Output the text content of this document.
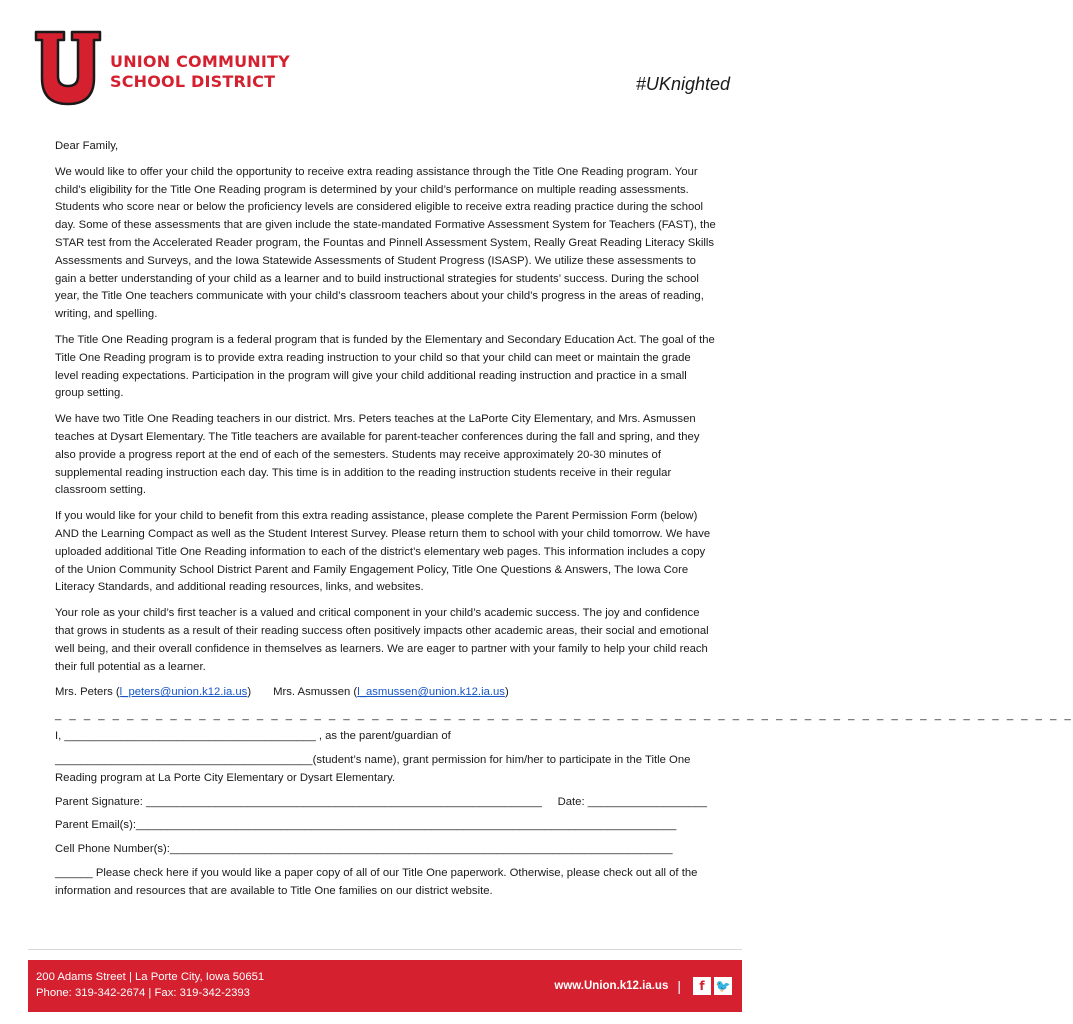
UNION COMMUNITY
SCHOOL DISTRICT	#UKnighted

Dear Family,

We would like to offer your child the opportunity to receive extra reading assistance through the Title One Reading program. Your child’s eligibility for the Title One Reading program is determined by your child’s performance on multiple reading assessments. Students who score near or below the proficiency levels are considered eligible to receive extra reading practice during the school day. Some of these assessments that are given include the state-mandated Formative Assessment System for Teachers (FAST), the STAR test from the Accelerated Reader program, the Fountas and Pinnell Assessment System, Really Great Reading Literacy Skills Assessments and Surveys, and the Iowa Statewide Assessments of Student Progress (ISASP). We utilize these assessments to gain a better understanding of your child as a learner and to build instructional strategies for students’ success. During the school year, the Title One teachers communicate with your child’s classroom teachers about your child’s progress in the areas of reading, writing, and spelling.

The Title One Reading program is a federal program that is funded by the Elementary and Secondary Education Act. The goal of the Title One Reading program is to provide extra reading instruction to your child so that your child can meet or maintain the grade level reading expectations. Participation in the program will give your child additional reading instruction and practice in a small group setting.

We have two Title One Reading teachers in our district. Mrs. Peters teaches at the LaPorte City Elementary, and Mrs. Asmussen teaches at Dysart Elementary. The Title teachers are available for parent-teacher conferences during the fall and spring, and they also provide a progress report at the end of each of the semesters. Students may receive approximately 20-30 minutes of supplemental reading instruction each day. This time is in addition to the reading instruction students receive in their regular classroom setting.

If you would like for your child to benefit from this extra reading assistance, please complete the Parent Permission Form (below) AND the Learning Compact as well as the Student Interest Survey. Please return them to school with your child tomorrow. We have uploaded additional Title One Reading information to each of the district’s elementary web pages. This information includes a copy of the Union Community School District Parent and Family Engagement Policy, Title One Questions & Answers, The Iowa Core Literacy Standards, and additional reading resources, links, and websites.

Your role as your child’s first teacher is a valued and critical component in your child’s academic success. The joy and confidence that grows in students as a result of their reading success often positively impacts other academic areas, their social and emotional well being, and their overall confidence in themselves as learners. We are eager to partner with your family to help your child reach their full potential as a learner.

Mrs. Peters (l_peters@union.k12.ia.us) Mrs. Asmussen (l_asmussen@union.k12.ia.us)
_ _ _ _ _ _ _ _ _ _ _ _ _ _ _ _ _ _ _ _ _ _ _ _ _ _ _ _ _ _ _ _ _ _ _ _ _ _ _ _ _ _ _ _ _ _ _ _ _ _ _ _ _ _ _ _ _ _ _ _ _ _ _ _ _ _ _ _ _ _ _
I, ________________________________________ , as the parent/guardian of
_________________________________________(student’s name), grant permission for him/her to participate in the Title One Reading program at La Porte City Elementary or Dysart Elementary.
Parent Signature: _______________________________________________________________ Date: ___________________
Parent Email(s):______________________________________________________________________________________
Cell Phone Number(s):________________________________________________________________________________
______ Please check here if you would like a paper copy of all of our Title One paperwork. Otherwise, please check out all of the information and resources that are available to Title One families on our district website.
200 Adams Street | La Porte City, Iowa 50651
Phone: 319-342-2674 | Fax: 319-342-2393
www.Union.k12.ia.us |	f 🐦
